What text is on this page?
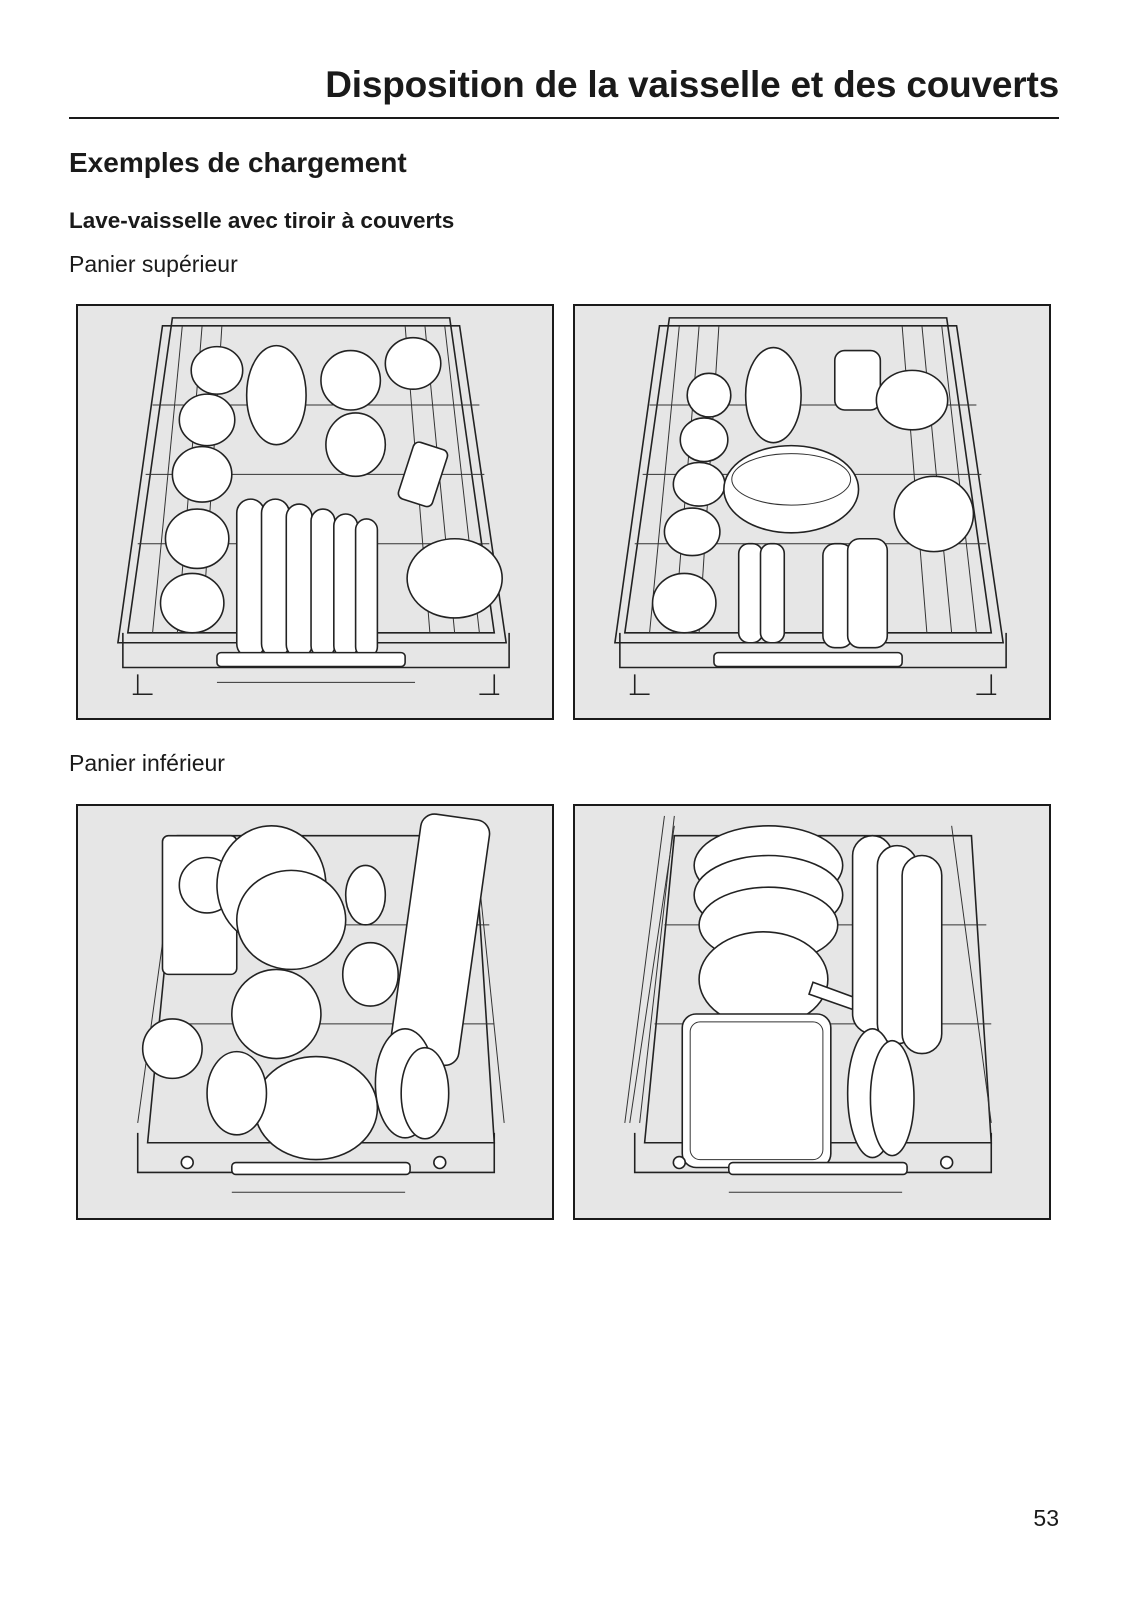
Disposition de la vaisselle et des couverts
Exemples de chargement
Lave-vaisselle avec tiroir à couverts
Panier supérieur
Panier inférieur
53
